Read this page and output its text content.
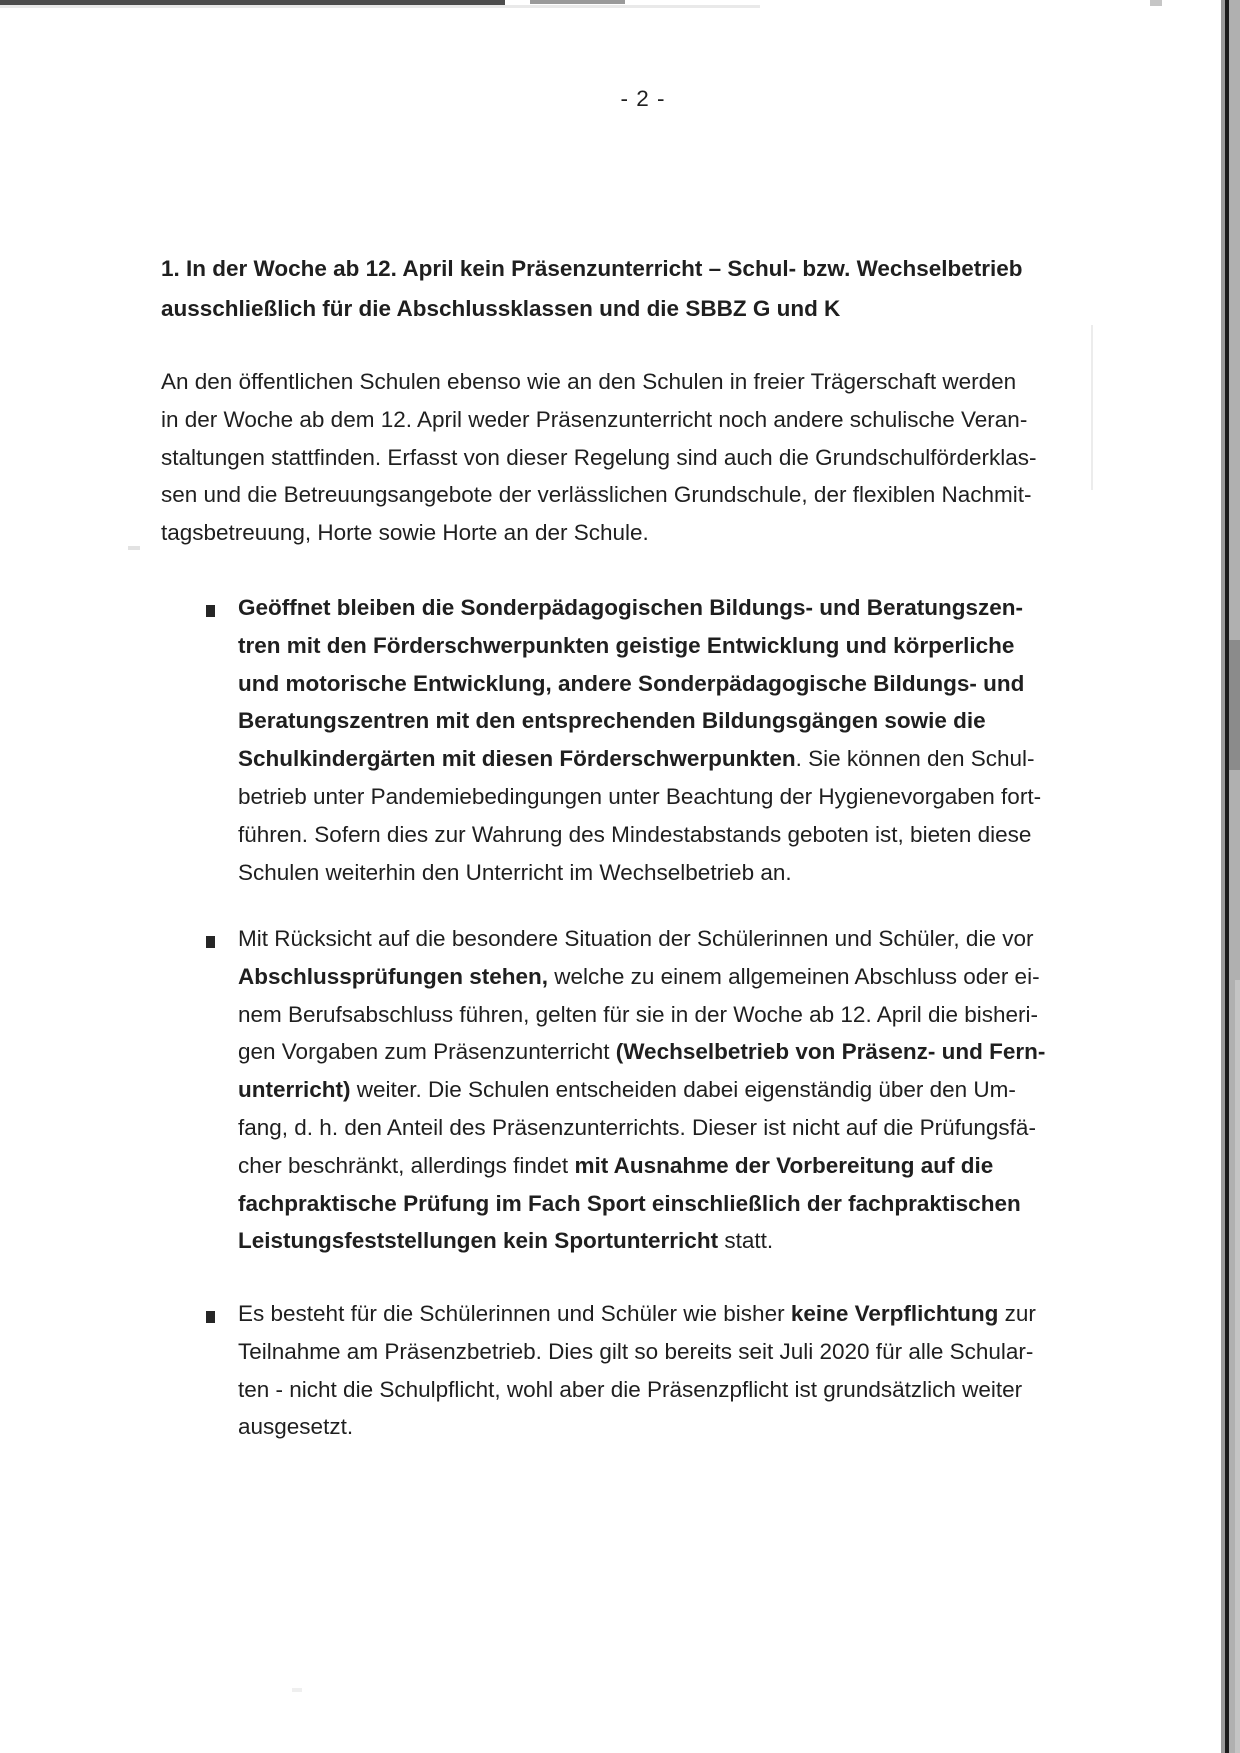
- 2 -
1. In der Woche ab 12. April kein Präsenzunterricht – Schul- bzw. Wechselbetrieb
ausschließlich für die Abschlussklassen und die SBBZ G und K
An den öffentlichen Schulen ebenso wie an den Schulen in freier Trägerschaft werden
in der Woche ab dem 12. April weder Präsenzunterricht noch andere schulische Veran-
staltungen stattfinden. Erfasst von dieser Regelung sind auch die Grundschulförderklas-
sen und die Betreuungsangebote der verlässlichen Grundschule, der flexiblen Nachmit-
tagsbetreuung, Horte sowie Horte an der Schule.
Geöffnet bleiben die Sonderpädagogischen Bildungs- und Beratungszen-
tren mit den Förderschwerpunkten geistige Entwicklung und körperliche
und motorische Entwicklung, andere Sonderpädagogische Bildungs- und
Beratungszentren mit den entsprechenden Bildungsgängen sowie die
Schulkindergärten mit diesen Förderschwerpunkten. Sie können den Schul-
betrieb unter Pandemiebedingungen unter Beachtung der Hygienevorgaben fort-
führen. Sofern dies zur Wahrung des Mindestabstands geboten ist, bieten diese
Schulen weiterhin den Unterricht im Wechselbetrieb an.
Mit Rücksicht auf die besondere Situation der Schülerinnen und Schüler, die vor
Abschlussprüfungen stehen, welche zu einem allgemeinen Abschluss oder ei-
nem Berufsabschluss führen, gelten für sie in der Woche ab 12. April die bisheri-
gen Vorgaben zum Präsenzunterricht (Wechselbetrieb von Präsenz- und Fern-
unterricht) weiter. Die Schulen entscheiden dabei eigenständig über den Um-
fang, d. h. den Anteil des Präsenzunterrichts. Dieser ist nicht auf die Prüfungsfä-
cher beschränkt, allerdings findet mit Ausnahme der Vorbereitung auf die
fachpraktische Prüfung im Fach Sport einschließlich der fachpraktischen
Leistungsfeststellungen kein Sportunterricht statt.
Es besteht für die Schülerinnen und Schüler wie bisher keine Verpflichtung zur
Teilnahme am Präsenzbetrieb. Dies gilt so bereits seit Juli 2020 für alle Schular-
ten - nicht die Schulpflicht, wohl aber die Präsenzpflicht ist grundsätzlich weiter
ausgesetzt.
